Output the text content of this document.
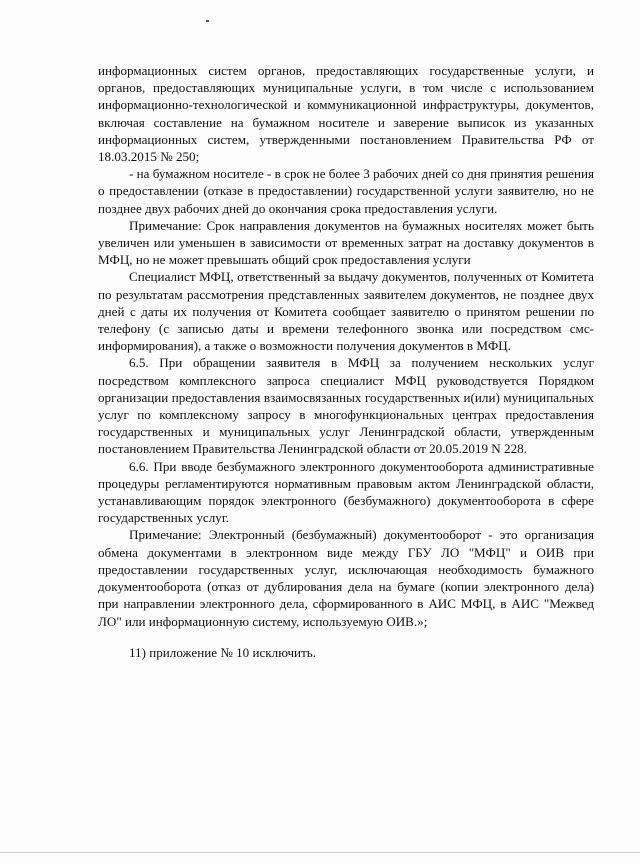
информационных систем органов, предоставляющих государственные услуги, и органов, предоставляющих муниципальные услуги, в том числе с использованием информационно-технологической и коммуникационной инфраструктуры, документов, включая составление на бумажном носителе и заверение выписок из указанных информационных систем, утвержденными постановлением Правительства РФ от 18.03.2015 № 250;

- на бумажном носителе - в срок не более 3 рабочих дней со дня принятия решения о предоставлении (отказе в предоставлении) государственной услуги заявителю, но не позднее двух рабочих дней до окончания срока предоставления услуги.

Примечание: Срок направления документов на бумажных носителях может быть увеличен или уменьшен в зависимости от временных затрат на доставку документов в МФЦ, но не может превышать общий срок предоставления услуги

Специалист МФЦ, ответственный за выдачу документов, полученных от Комитета по результатам рассмотрения представленных заявителем документов, не позднее двух дней с даты их получения от Комитета сообщает заявителю о принятом решении по телефону (с записью даты и времени телефонного звонка или посредством смс-информирования), а также о возможности получения документов в МФЦ.

6.5. При обращении заявителя в МФЦ за получением нескольких услуг посредством комплексного запроса специалист МФЦ руководствуется Порядком организации предоставления взаимосвязанных государственных и(или) муниципальных услуг по комплексному запросу в многофункциональных центрах предоставления государственных и муниципальных услуг Ленинградской области, утвержденным постановлением Правительства Ленинградской области от 20.05.2019 N 228.

6.6. При вводе безбумажного электронного документооборота административные процедуры регламентируются нормативным правовым актом Ленинградской области, устанавливающим порядок электронного (безбумажного) документооборота в сфере государственных услуг.

Примечание: Электронный (безбумажный) документооборот - это организация обмена документами в электронном виде между ГБУ ЛО "МФЦ" и ОИВ при предоставлении государственных услуг, исключающая необходимость бумажного документооборота (отказ от дублирования дела на бумаге (копии электронного дела) при направлении электронного дела, сформированного в АИС МФЦ, в АИС "Межвед ЛО" или информационную систему, используемую ОИВ.»;

11) приложение № 10 исключить.
